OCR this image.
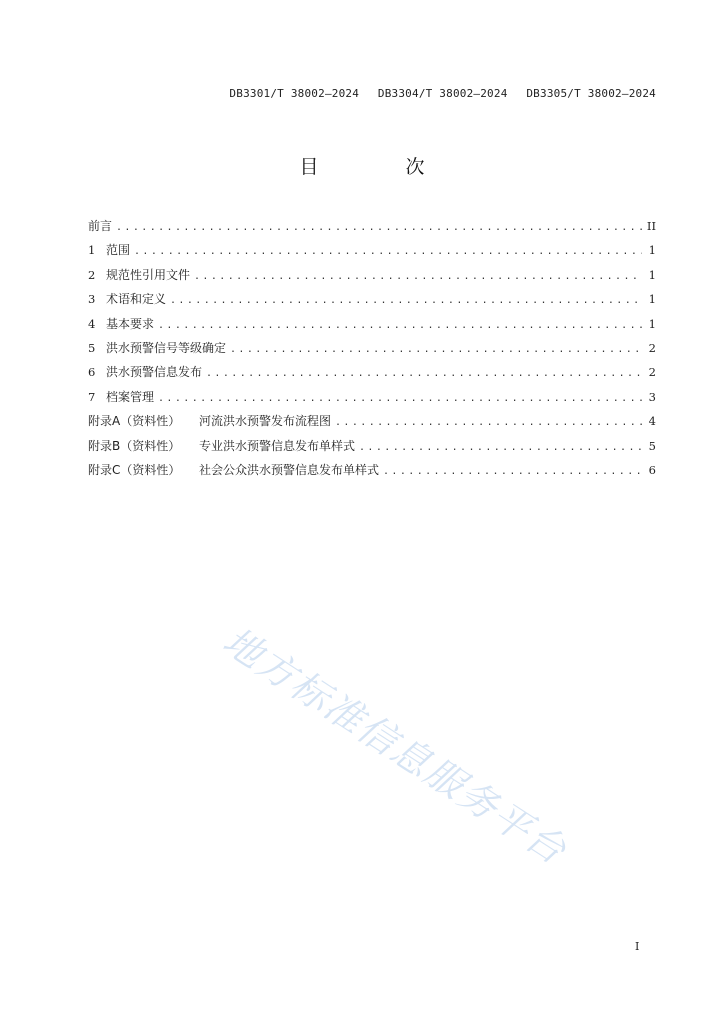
DB3301/T 38002—2024 DB3304/T 38002—2024 DB3305/T 38002—2024
目　次
前言 .....	II
1 范围 .....	1
2 规范性引用文件 .....	1
3 术语和定义 .....	1
4 基本要求 .....	1
5 洪水预警信号等级确定 .....	2
6 洪水预警信息发布 .....	2
7 档案管理 .....	3
附录A（资料性）	河流洪水预警发布流程图 .....	4
附录B（资料性）	专业洪水预警信息发布单样式 .....	5
附录C（资料性）	社会公众洪水预警信息发布单样式 .....	6
地方标准信息服务平台
I
